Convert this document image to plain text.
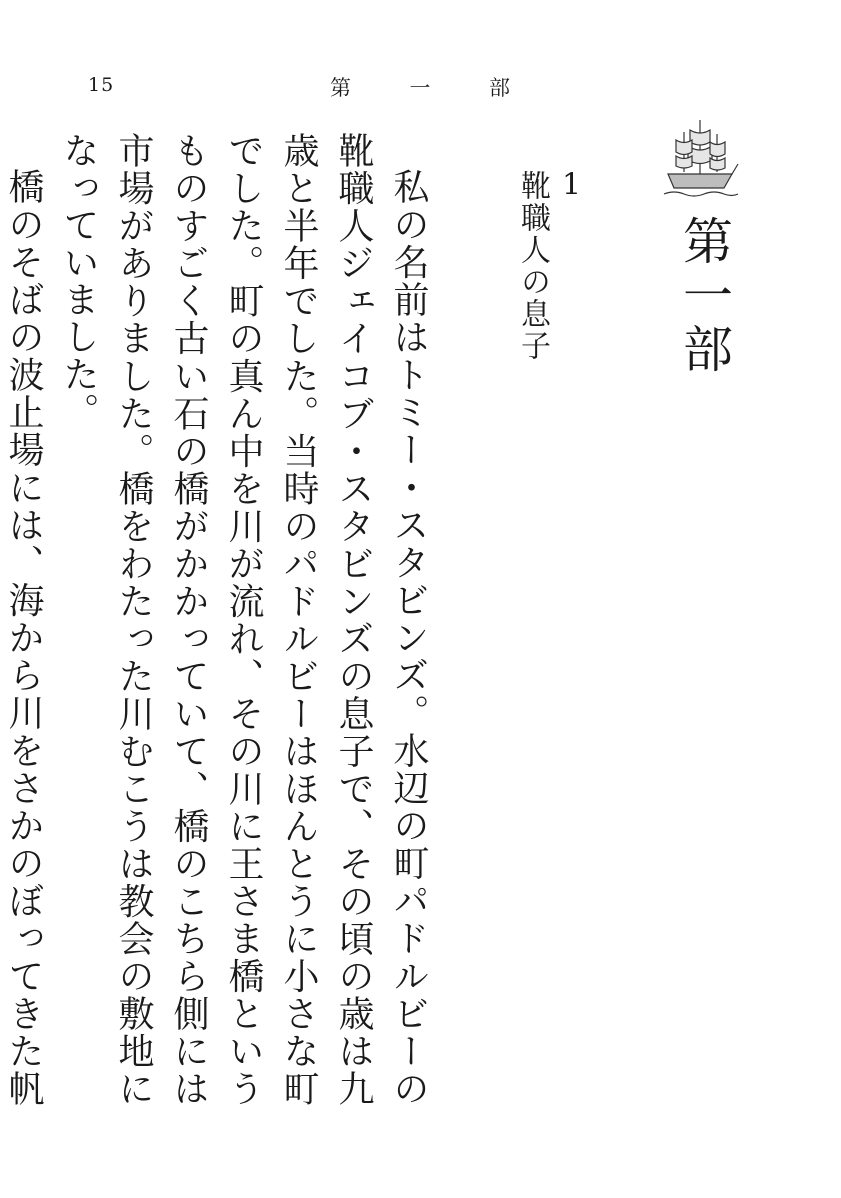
15	第	一	部
第一部
1
靴職人の息子

私の名前はトミー・スタビンズ。水辺の町パドルビーの靴職人ジェイコブ・スタビンズの息子で、その頃の歳は九歳と半年でした。当時のパドルビーはほんとうに小さな町でした。町の真ん中を川が流れ、その川に王さま橋というものすごく古い石の橋がかかっていて、橋のこちら側には市場がありました。橋をわたった川むこうは教会の敷地になっていました。

橋のそばの波止場には、海から川をさかのぼってきた帆
